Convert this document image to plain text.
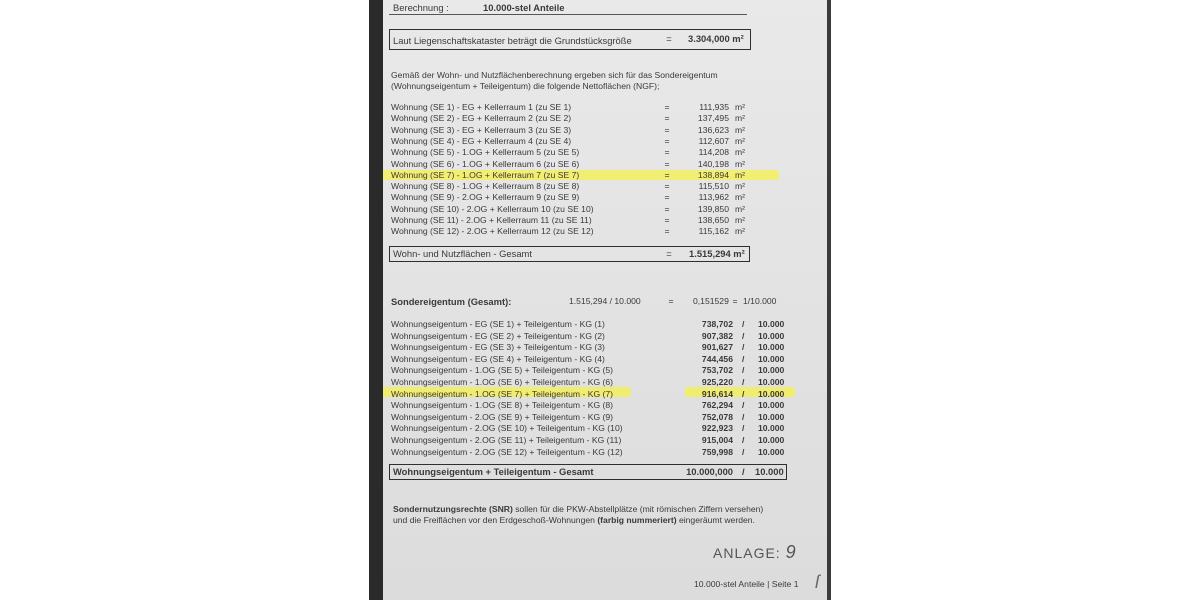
Berechnung :	10.000-stel Anteile
Laut Liegenschaftskataster beträgt die Grundstücksgröße	= 3.304,000 m²
Gemäß der Wohn- und Nutzflächenberechnung ergeben sich für das Sondereigentum
(Wohnungseigentum + Teileigentum) die folgende Nettoflächen (NGF);
Wohnung (SE 1) - EG + Kellerraum 1 (zu SE 1)	=	111,935 m²
Wohnung (SE 2) - EG + Kellerraum 2 (zu SE 2)	=	137,495 m²
Wohnung (SE 3) - EG + Kellerraum 3 (zu SE 3)	=	136,623 m²
Wohnung (SE 4) - EG + Kellerraum 4 (zu SE 4)	=	112,607 m²
Wohnung (SE 5) - 1.OG + Kellerraum 5 (zu SE 5)	=	114,208 m²
Wohnung (SE 6) - 1.OG + Kellerraum 6 (zu SE 6)	=	140,198 m²
Wohnung (SE 7) - 1.OG + Kellerraum 7 (zu SE 7)	=	138,894 m²
Wohnung (SE 8) - 1.OG + Kellerraum 8 (zu SE 8)	=	115,510 m²
Wohnung (SE 9) - 2.OG + Kellerraum 9 (zu SE 9)	=	113,962 m²
Wohnung (SE 10) - 2.OG + Kellerraum 10 (zu SE 10)	=	139,850 m²
Wohnung (SE 11) - 2.OG + Kellerraum 11 (zu SE 11)	=	138,650 m²
Wohnung (SE 12) - 2.OG + Kellerraum 12 (zu SE 12)	=	115,162 m²
Wohn- und Nutzflächen - Gesamt	= 1.515,294 m²
Sondereigentum (Gesamt):	1.515,294 / 10.000	= 0,151529 = 1/10.000
Wohnungseigentum - EG (SE 1) + Teileigentum - KG (1)	738,702 / 10.000
Wohnungseigentum - EG (SE 2) + Teileigentum - KG (2)	907,382 / 10.000
Wohnungseigentum - EG (SE 3) + Teileigentum - KG (3)	901,627 / 10.000
Wohnungseigentum - EG (SE 4) + Teileigentum - KG (4)	744,456 / 10.000
Wohnungseigentum - 1.OG (SE 5) + Teileigentum - KG (5)	753,702 / 10.000
Wohnungseigentum - 1.OG (SE 6) + Teileigentum - KG (6)	925,220 / 10.000
Wohnungseigentum - 1.OG (SE 7) + Teileigentum - KG (7)	916,614 / 10.000
Wohnungseigentum - 1.OG (SE 8) + Teileigentum - KG (8)	762,294 / 10.000
Wohnungseigentum - 2.OG (SE 9) + Teileigentum - KG (9)	752,078 / 10.000
Wohnungseigentum - 2.OG (SE 10) + Teileigentum - KG (10)	922,923 / 10.000
Wohnungseigentum - 2.OG (SE 11) + Teileigentum - KG (11)	915,004 / 10.000
Wohnungseigentum - 2.OG (SE 12) + Teileigentum - KG (12)	759,998 / 10.000
Wohnungseigentum + Teileigentum - Gesamt	10.000,000 / 10.000
Sondernutzungsrechte (SNR) sollen für die PKW-Abstellplätze (mit römischen Ziffern versehen)
und die Freiflächen vor den Erdgeschoß-Wohnungen (farbig nummeriert) eingeräumt werden.
ANLAGE: 9
10.000-stel Anteile | Seite 1 ſ
